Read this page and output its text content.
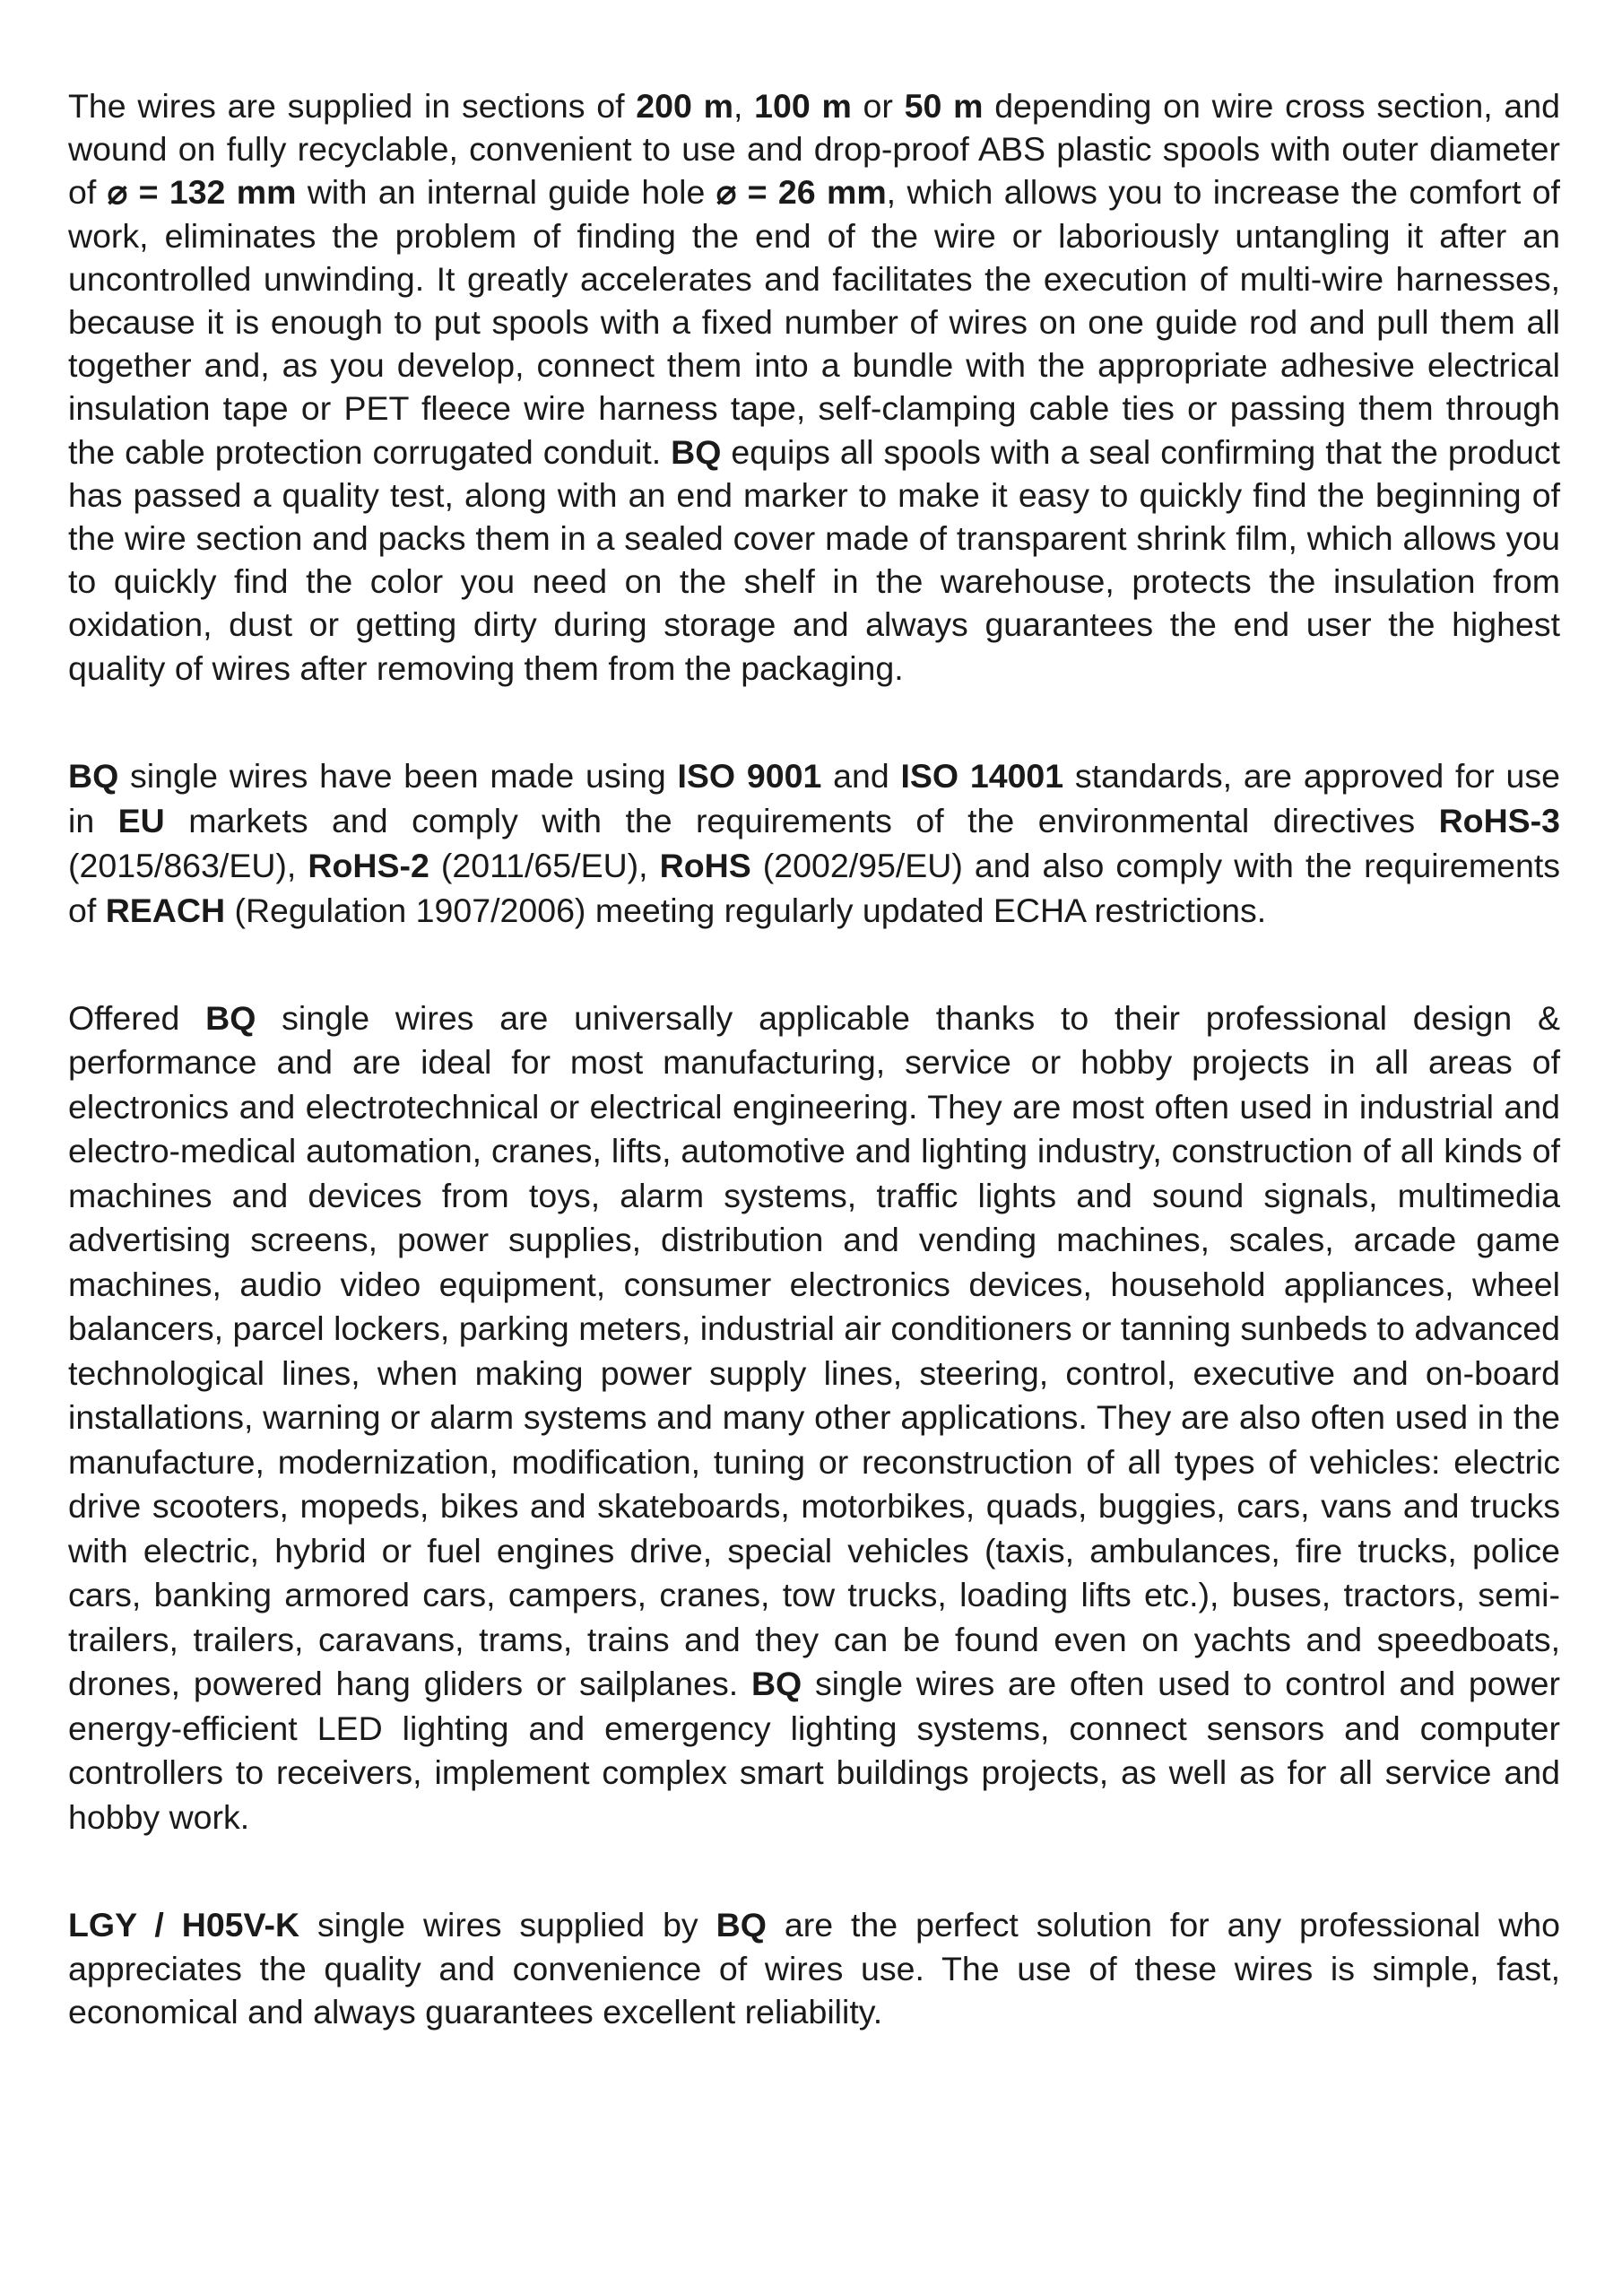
The wires are supplied in sections of 200 m, 100 m or 50 m depending on wire cross section, and wound on fully recyclable, convenient to use and drop-proof ABS plastic spools with outer diameter of ⌀ = 132 mm with an internal guide hole ⌀ = 26 mm, which allows you to increase the comfort of work, eliminates the problem of finding the end of the wire or laboriously untangling it after an uncontrolled unwinding. It greatly accelerates and facilitates the execution of multi-wire harnesses, because it is enough to put spools with a fixed number of wires on one guide rod and pull them all together and, as you develop, connect them into a bundle with the appropriate adhesive electrical insulation tape or PET fleece wire harness tape, self-clamping cable ties or passing them through the cable protection corrugated conduit. BQ equips all spools with a seal confirming that the product has passed a quality test, along with an end marker to make it easy to quickly find the beginning of the wire section and packs them in a sealed cover made of transparent shrink film, which allows you to quickly find the color you need on the shelf in the warehouse, protects the insulation from oxidation, dust or getting dirty during storage and always guarantees the end user the highest quality of wires after removing them from the packaging.

BQ single wires have been made using ISO 9001 and ISO 14001 standards, are approved for use in EU markets and comply with the requirements of the environmental directives RoHS-3 (2015/863/EU), RoHS-2 (2011/65/EU), RoHS (2002/95/EU) and also comply with the requirements of REACH (Regulation 1907/2006) meeting regularly updated ECHA restrictions.

Offered BQ single wires are universally applicable thanks to their professional design & performance and are ideal for most manufacturing, service or hobby projects in all areas of electronics and electrotechnical or electrical engineering. They are most often used in industrial and electro-medical automation, cranes, lifts, automotive and lighting industry, construction of all kinds of machines and devices from toys, alarm systems, traffic lights and sound signals, multimedia advertising screens, power supplies, distribution and vending machines, scales, arcade game machines, audio video equipment, consumer electronics devices, household appliances, wheel balancers, parcel lockers, parking meters, industrial air conditioners or tanning sunbeds to advanced technological lines, when making power supply lines, steering, control, executive and on-board installations, warning or alarm systems and many other applications. They are also often used in the manufacture, modernization, modification, tuning or reconstruction of all types of vehicles: electric drive scooters, mopeds, bikes and skateboards, motorbikes, quads, buggies, cars, vans and trucks with electric, hybrid or fuel engines drive, special vehicles (taxis, ambulances, fire trucks, police cars, banking armored cars, campers, cranes, tow trucks, loading lifts etc.), buses, tractors, semi-trailers, trailers, caravans, trams, trains and they can be found even on yachts and speedboats, drones, powered hang gliders or sailplanes. BQ single wires are often used to control and power energy-efficient LED lighting and emergency lighting systems, connect sensors and computer controllers to receivers, implement complex smart buildings projects, as well as for all service and hobby work.

LGY / H05V-K single wires supplied by BQ are the perfect solution for any professional who appreciates the quality and convenience of wires use. The use of these wires is simple, fast, economical and always guarantees excellent reliability.
